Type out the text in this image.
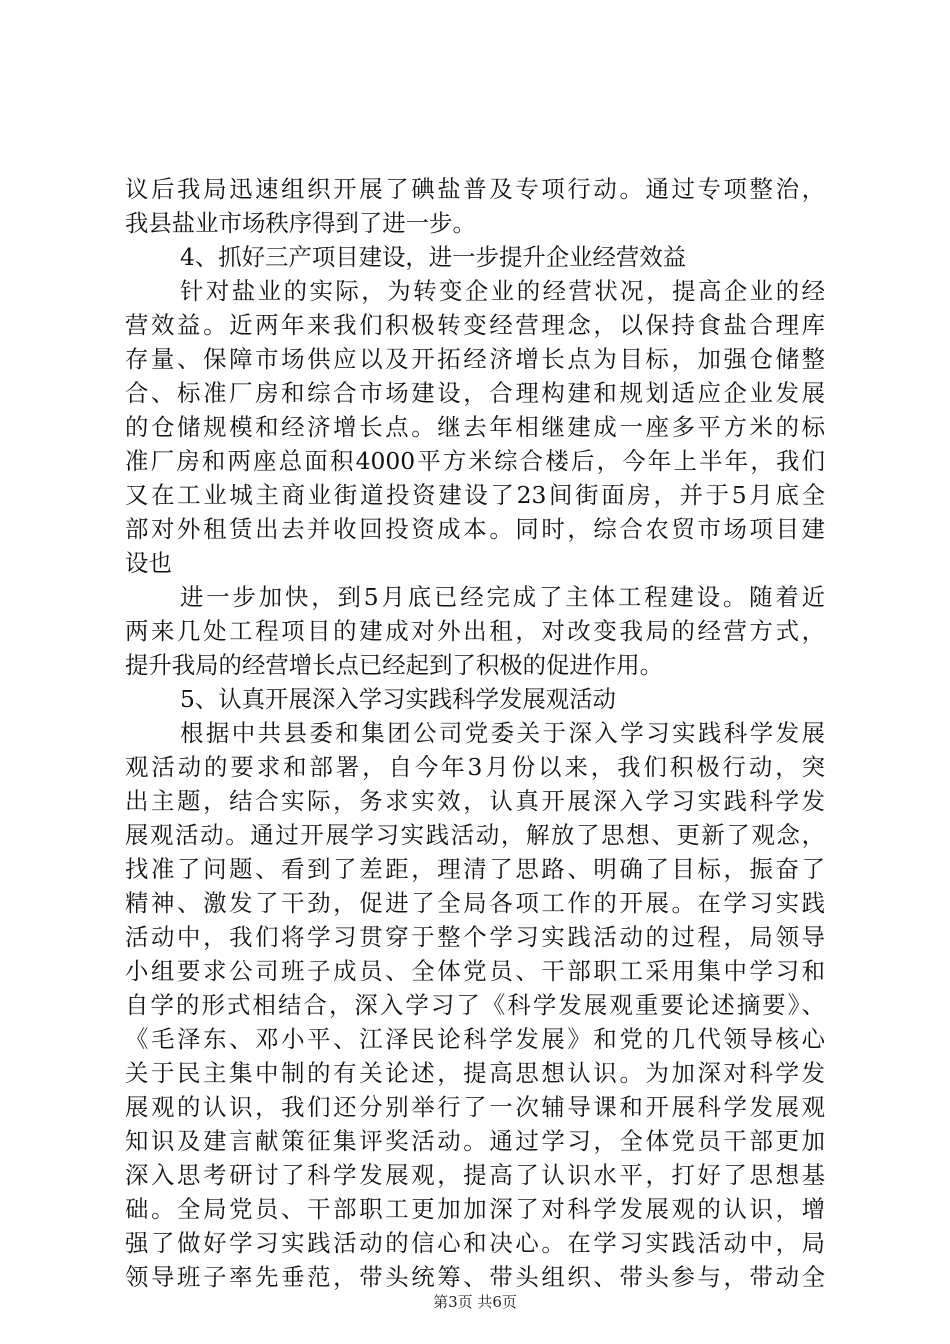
议后我局迅速组织开展了碘盐普及专项行动。通过专项整治，
我县盐业市场秩序得到了进一步。
4、抓好三产项目建设，进一步提升企业经营效益
针对盐业的实际，为转变企业的经营状况，提高企业的经
营效益。近两年来我们积极转变经营理念，以保持食盐合理库
存量、保障市场供应以及开拓经济增长点为目标，加强仓储整
合、标准厂房和综合市场建设，合理构建和规划适应企业发展
的仓储规模和经济增长点。继去年相继建成一座多平方米的标
准厂房和两座总面积4000平方米综合楼后，今年上半年，我们
又在工业城主商业街道投资建设了23间街面房，并于5月底全
部对外租赁出去并收回投资成本。同时，综合农贸市场项目建
设也
进一步加快，到5月底已经完成了主体工程建设。随着近
两来几处工程项目的建成对外出租，对改变我局的经营方式，
提升我局的经营增长点已经起到了积极的促进作用。
5、认真开展深入学习实践科学发展观活动
根据中共县委和集团公司党委关于深入学习实践科学发展
观活动的要求和部署，自今年3月份以来，我们积极行动，突
出主题，结合实际，务求实效，认真开展深入学习实践科学发
展观活动。通过开展学习实践活动，解放了思想、更新了观念，
找准了问题、看到了差距，理清了思路、明确了目标，振奋了
精神、激发了干劲，促进了全局各项工作的开展。在学习实践
活动中，我们将学习贯穿于整个学习实践活动的过程，局领导
小组要求公司班子成员、全体党员、干部职工采用集中学习和
自学的形式相结合，深入学习了《科学发展观重要论述摘要》、
《毛泽东、邓小平、江泽民论科学发展》和党的几代领导核心
关于民主集中制的有关论述，提高思想认识。为加深对科学发
展观的认识，我们还分别举行了一次辅导课和开展科学发展观
知识及建言献策征集评奖活动。通过学习，全体党员干部更加
深入思考研讨了科学发展观，提高了认识水平，打好了思想基
础。全局党员、干部职工更加加深了对科学发展观的认识，增
强了做好学习实践活动的信心和决心。在学习实践活动中，局
领导班子率先垂范，带头统筹、带头组织、带头参与，带动全
第3页 共6页
